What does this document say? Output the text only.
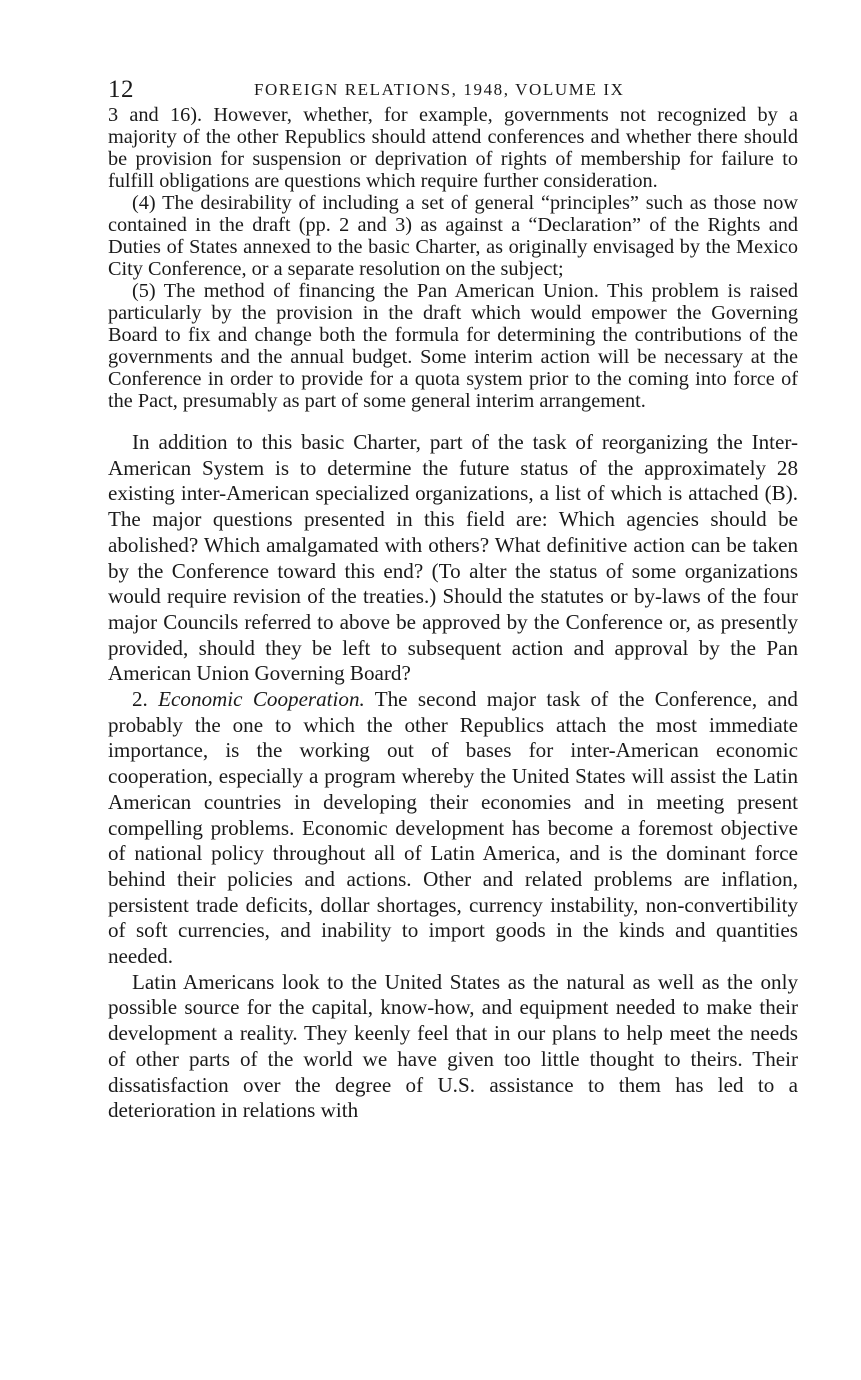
12	FOREIGN RELATIONS, 1948, VOLUME IX

3 and 16). However, whether, for example, governments not recognized by a majority of the other Republics should attend conferences and whether there should be provision for suspension or deprivation of rights of membership for failure to fulfill obligations are questions which require further consideration.

(4) The desirability of including a set of general “principles” such as those now contained in the draft (pp. 2 and 3) as against a “Declaration” of the Rights and Duties of States annexed to the basic Charter, as originally envisaged by the Mexico City Conference, or a separate resolution on the subject;

(5) The method of financing the Pan American Union. This problem is raised particularly by the provision in the draft which would empower the Governing Board to fix and change both the formula for determining the contributions of the governments and the annual budget. Some interim action will be necessary at the Conference in order to provide for a quota system prior to the coming into force of the Pact, presumably as part of some general interim arrangement.

In addition to this basic Charter, part of the task of reorganizing the Inter-American System is to determine the future status of the approximately 28 existing inter-American specialized organizations, a list of which is attached (B). The major questions presented in this field are: Which agencies should be abolished? Which amalgamated with others? What definitive action can be taken by the Conference toward this end? (To alter the status of some organizations would require revision of the treaties.) Should the statutes or by-laws of the four major Councils referred to above be approved by the Conference or, as presently provided, should they be left to subsequent action and approval by the Pan American Union Governing Board?

2. Economic Cooperation. The second major task of the Conference, and probably the one to which the other Republics attach the most immediate importance, is the working out of bases for inter-American economic cooperation, especially a program whereby the United States will assist the Latin American countries in developing their economies and in meeting present compelling problems. Economic development has become a foremost objective of national policy throughout all of Latin America, and is the dominant force behind their policies and actions. Other and related problems are inflation, persistent trade deficits, dollar shortages, currency instability, non-convertibility of soft currencies, and inability to import goods in the kinds and quantities needed.

Latin Americans look to the United States as the natural as well as the only possible source for the capital, know-how, and equipment needed to make their development a reality. They keenly feel that in our plans to help meet the needs of other parts of the world we have given too little thought to theirs. Their dissatisfaction over the degree of U.S. assistance to them has led to a deterioration in relations with
